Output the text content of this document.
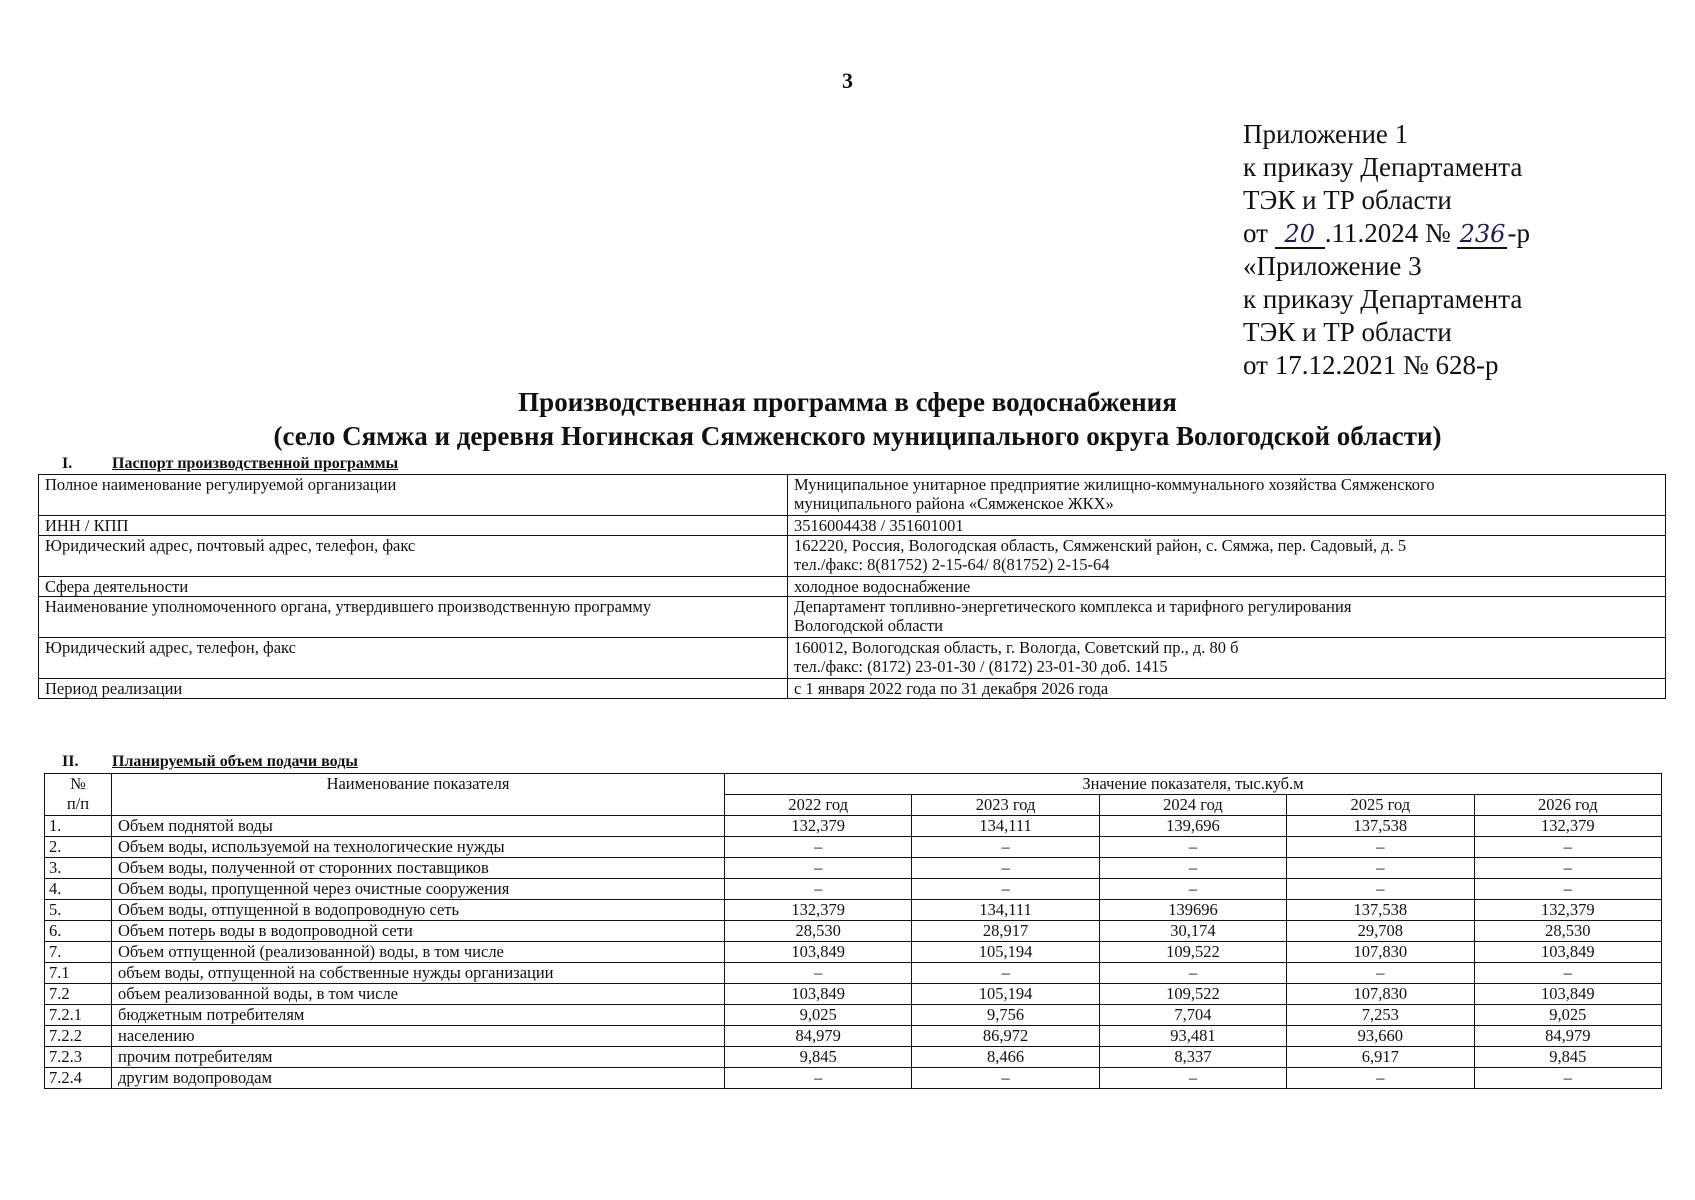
3
Приложение 1
к приказу Департамента
ТЭК и ТР области
от 20 .11.2024 № 236-р
«Приложение 3
к приказу Департамента
ТЭК и ТР области
от 17.12.2021 № 628-р
Производственная программа в сфере водоснабжения
(село Сямжа и деревня Ногинская Сямженского муниципального округа Вологодской области)
I. Паспорт производственной программы
Полное наименование регулируемой организации	Муниципальное унитарное предприятие жилищно-коммунального хозяйства Сямженского
муниципального района «Сямженское ЖКХ»

ИНН / КПП	3516004438 / 351601001

Юридический адрес, почтовый адрес, телефон, факс	162220, Россия, Вологодская область, Сямженский район, с. Сямжа, пер. Садовый, д. 5
тел./факс: 8(81752) 2-15-64/ 8(81752) 2-15-64

Сфера деятельности	холодное водоснабжение

Наименование уполномоченного органа, утвердившего производственную программу	Департамент топливно-энергетического комплекса и тарифного регулирования
Вологодской области

Юридический адрес, телефон, факс	160012, Вологодская область, г. Вологда, Советский пр., д. 80 б
тел./факс: (8172) 23-01-30 / (8172) 23-01-30 доб. 1415

Период реализации	с 1 января 2022 года по 31 декабря 2026 года
II. Планируемый объем подачи воды
№
п/п	Наименование показателя	Значение показателя, тыс.куб.м				
		2022 год	2023 год	2024 год	2025 год	2026 год
1.	Объем поднятой воды	132,379	134,111	139,696	137,538	132,379
2.	Объем воды, используемой на технологические нужды	–	–	–	–	–
3.	Объем воды, полученной от сторонних поставщиков	–	–	–	–	–
4.	Объем воды, пропущенной через очистные сооружения	–	–	–	–	–
5.	Объем воды, отпущенной в водопроводную сеть	132,379	134,111	139696	137,538	132,379
6.	Объем потерь воды в водопроводной сети	28,530	28,917	30,174	29,708	28,530
7.	Объем отпущенной (реализованной) воды, в том числе	103,849	105,194	109,522	107,830	103,849
7.1	объем воды, отпущенной на собственные нужды организации	–	–	–	–	–
7.2	объем реализованной воды, в том числе	103,849	105,194	109,522	107,830	103,849
7.2.1	бюджетным потребителям	9,025	9,756	7,704	7,253	9,025
7.2.2	населению	84,979	86,972	93,481	93,660	84,979
7.2.3	прочим потребителям	9,845	8,466	8,337	6,917	9,845
7.2.4	другим водопроводам	–	–	–	–	–
